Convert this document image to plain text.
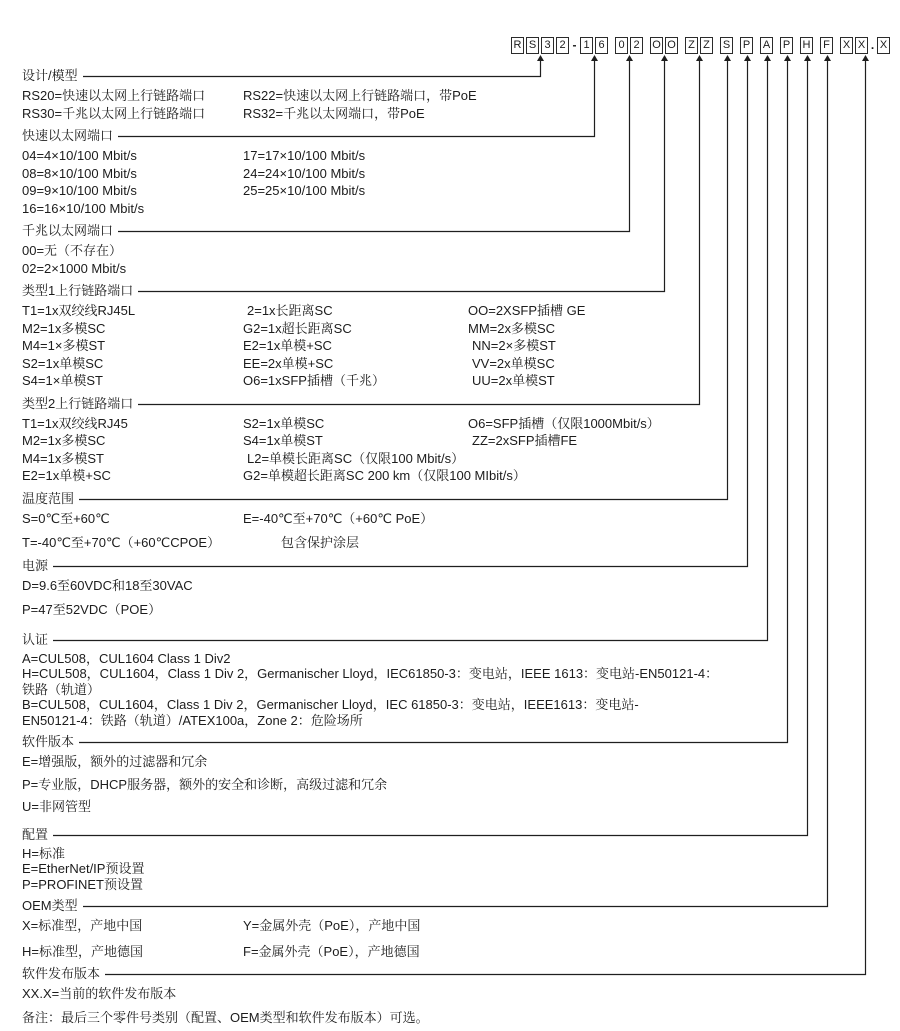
R S 3 2 - 1 6	0 2	O O Z Z S P A P H F X X . X
设计/模型
RS20=快速以太网上行链路端口	RS22=快速以太网上行链路端口，带PoE
RS30=千兆以太网上行链路端口	RS32=千兆以太网端口，带PoE
快速以太网端口
04=4×10/100 Mbit/s	17=17×10/100 Mbit/s
08=8×10/100 Mbit/s	24=24×10/100 Mbit/s
09=9×10/100 Mbit/s	25=25×10/100 Mbit/s
16=16×10/100 Mbit/s
千兆以太网端口
00=无（不存在）
02=2×1000 Mbit/s
类型1上行链路端口
T1=1x双绞线RJ45L	2=1x长距离SC	OO=2XSFP插槽 GE
M2=1x多模SC	G2=1x超长距离SC	MM=2x多模SC
M4=1×多模ST	E2=1x单模+SC	NN=2×多模ST
S2=1x单模SC	EE=2x单模+SC	VV=2x单模SC
S4=1×单模ST	O6=1xSFP插槽（千兆）	UU=2x单模ST
类型2上行链路端口
T1=1x双绞线RJ45	S2=1x单模SC	O6=SFP插槽（仅限1000Mbit/s）
M2=1x多模SC	S4=1x单模ST	ZZ=2xSFP插槽FE
M4=1x多模ST	L2=单模长距离SC（仅限100 Mbit/s）
E2=1x单模+SC	G2=单模超长距离SC 200 km（仅限100 MIbit/s）
温度范围
S=0℃至+60℃	E=-40℃至+70℃（+60℃ PoE）
T=-40℃至+70℃（+60℃CPOE）	包含保护涂层
电源
D=9.6至60VDC和18至30VAC
P=47至52VDC（POE）
认证
A=CUL508，CUL1604 Class 1 Div2
H=CUL508，CUL1604，Class 1 Div 2，Germanischer Lloyd，IEC61850-3：变电站，IEEE 1613：变电站-EN50121-4：
铁路（轨道）
B=CUL508，CUL1604，Class 1 Div 2，Germanischer Lloyd，IEC 61850-3：变电站，IEEE1613：变电站-
EN50121-4：铁路（轨道）/ATEX100a，Zone 2：危险场所
软件版本
E=增强版，额外的过滤器和冗余
P=专业版，DHCP服务器，额外的安全和诊断，高级过滤和冗余
U=非网管型
配置
H=标准
E=EtherNet/IP预设置
P=PROFINET预设置
OEM类型
X=标准型，产地中国	Y=金属外壳（PoE），产地中国
H=标准型，产地德国	F=金属外壳（PoE），产地德国
软件发布版本
XX.X=当前的软件发布版本
备注：最后三个零件号类别（配置、OEM类型和软件发布版本）可选。
